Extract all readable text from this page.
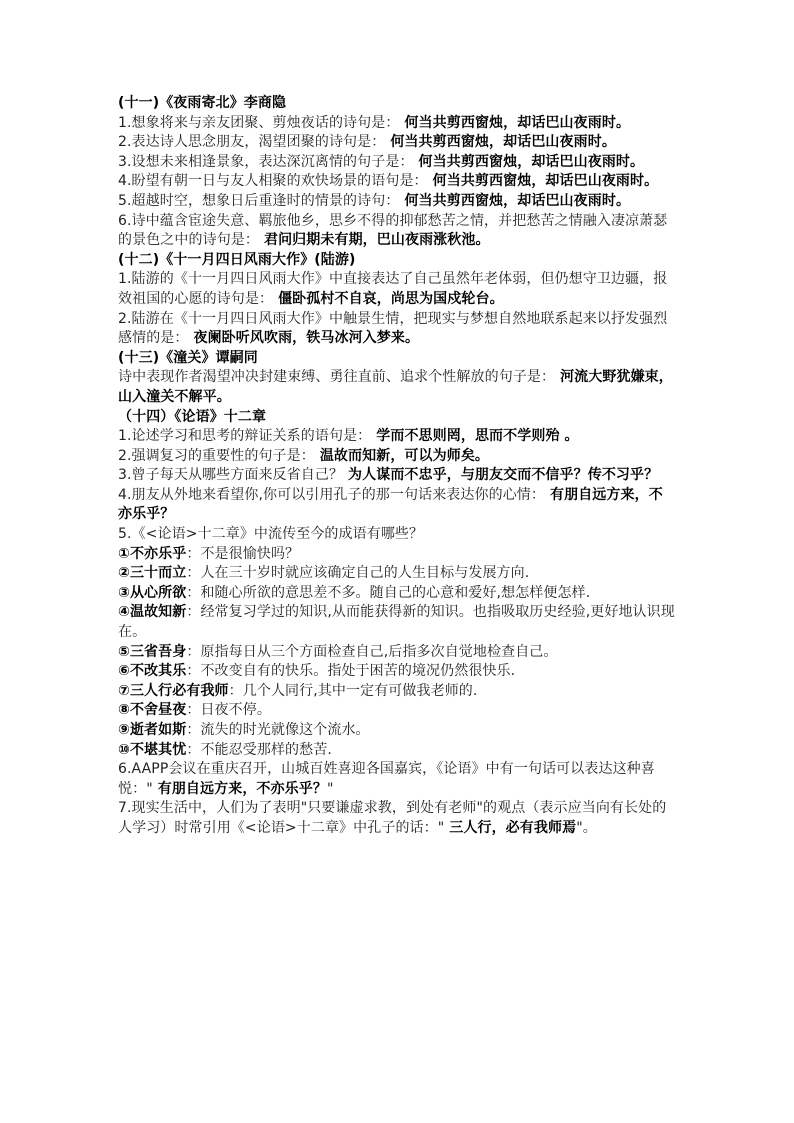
(十一)《夜雨寄北》李商隐

1.想象将来与亲友团聚、剪烛夜话的诗句是： 何当共剪西窗烛，却话巴山夜雨时。

2.表达诗人思念朋友，渴望团聚的诗句是： 何当共剪西窗烛，却话巴山夜雨时。

3.设想未来相逢景象，表达深沉离情的句子是： 何当共剪西窗烛，却话巴山夜雨时。

4.盼望有朝一日与友人相聚的欢快场景的语句是： 何当共剪西窗烛，却话巴山夜雨时。

5.超越时空，想象日后重逢时的情景的诗句： 何当共剪西窗烛，却话巴山夜雨时。

6.诗中蕴含宦途失意、羁旅他乡，思乡不得的抑郁愁苦之情，并把愁苦之情融入凄凉萧瑟的景色之中的诗句是： 君问归期未有期，巴山夜雨涨秋池。

(十二)《十一月四日风雨大作》(陆游)

1.陆游的《十一月四日风雨大作》中直接表达了自己虽然年老体弱，但仍想守卫边疆，报效祖国的心愿的诗句是： 僵卧孤村不自哀，尚思为国戍轮台。

2.陆游在《十一月四日风雨大作》中触景生情，把现实与梦想自然地联系起来以抒发强烈感情的是： 夜阑卧听风吹雨，铁马冰河入梦来。

(十三)《潼关》谭嗣同

诗中表现作者渴望冲决封建束缚、勇往直前、追求个性解放的句子是： 河流大野犹嫌束，山入潼关不解平。

（十四）《论语》十二章

1.论述学习和思考的辩证关系的语句是： 学而不思则罔，思而不学则殆 。

2.强调复习的重要性的句子是： 温故而知新，可以为师矣。

3.曾子每天从哪些方面来反省自己？ 为人谋而不忠乎，与朋友交而不信乎？传不习乎？

4.朋友从外地来看望你,你可以引用孔子的那一句话来表达你的心情： 有朋自远方来，不亦乐乎？

5.《<论语>十二章》中流传至今的成语有哪些？

①不亦乐乎：不是很愉快吗？

②三十而立：人在三十岁时就应该确定自己的人生目标与发展方向.

③从心所欲：和随心所欲的意思差不多。随自己的心意和爱好,想怎样便怎样.

④温故知新：经常复习学过的知识,从而能获得新的知识。也指吸取历史经验,更好地认识现在。

⑤三省吾身：原指每日从三个方面检查自己,后指多次自觉地检查自己。

⑥不改其乐：不改变自有的快乐。指处于困苦的境况仍然很快乐.

⑦三人行必有我师：几个人同行,其中一定有可做我老师的.

⑧不舍昼夜：日夜不停。

⑨逝者如斯：流失的时光就像这个流水。

⑩不堪其忧：不能忍受那样的愁苦.

6.AAPP会议在重庆召开，山城百姓喜迎各国嘉宾，《论语》中有一句话可以表达这种喜悦：" 有朋自远方来，不亦乐乎？"

7.现实生活中，人们为了表明"只要谦虚求教，到处有老师"的观点（表示应当向有长处的人学习）时常引用《<论语>十二章》中孔子的话：" 三人行，必有我师焉"。
